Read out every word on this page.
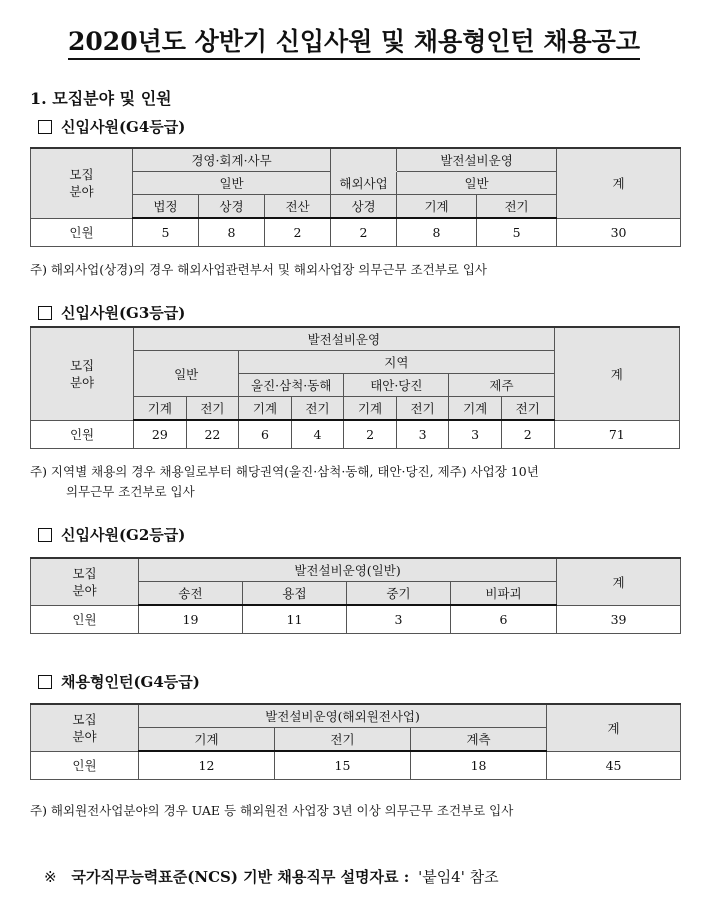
2020년도 상반기 신입사원 및 채용형인턴 채용공고
1. 모집분야 및 인원
신입사원(G4등급)
모집
분야	경영·회계·사무				발전설비운영		계
	일반			해외사업	일반		
	법정	상경	전산	상경	기계	전기	
인원	5	8	2	2	8	5	30
주) 해외사업(상경)의 경우 해외사업관련부서 및 해외사업장 의무근무 조건부로 입사
신입사원(G3등급)
모집
분야	발전설비운영								계
	일반		지역						
			울진·삼척·동해		태안·당진		제주		
	기계	전기	기계	전기	기계	전기	기계	전기	
인원	29	22	6	4	2	3	3	2	71
주) 지역별 채용의 경우 채용일로부터 해당권역(울진·삼척·동해, 태안·당진, 제주) 사업장 10년
의무근무 조건부로 입사
신입사원(G2등급)
모집
분야	발전설비운영(일반)				계
	송전	용접	중기	비파괴	
인원	19	11	3	6	39
채용형인턴(G4등급)
모집
분야	발전설비운영(해외원전사업)			계
	기계	전기	계측	
인원	12	15	18	45
주) 해외원전사업분야의 경우 UAE 등 해외원전 사업장 3년 이상 의무근무 조건부로 입사
※ 국가직무능력표준(NCS) 기반 채용직무 설명자료 : '붙임4' 참조
